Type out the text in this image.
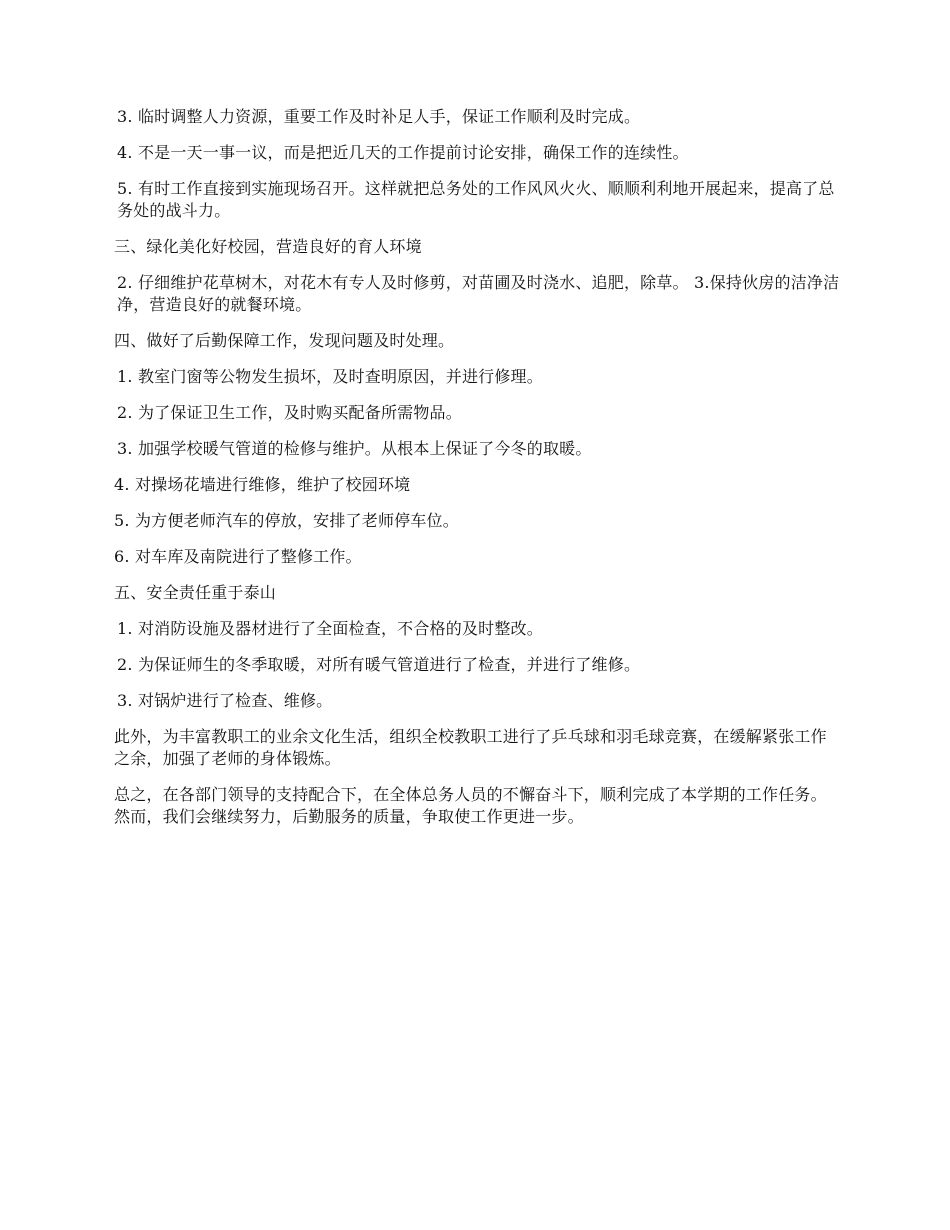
3. 临时调整人力资源，重要工作及时补足人手，保证工作顺利及时完成。

4. 不是一天一事一议，而是把近几天的工作提前讨论安排，确保工作的连续性。

5. 有时工作直接到实施现场召开。这样就把总务处的工作风风火火、顺顺利利地开展起来，提高了总务处的战斗力。

三、绿化美化好校园，营造良好的育人环境

2. 仔细维护花草树木，对花木有专人及时修剪，对苗圃及时浇水、追肥，除草。 3.保持伙房的洁净洁净，营造良好的就餐环境。

四、做好了后勤保障工作，发现问题及时处理。

1. 教室门窗等公物发生损坏，及时查明原因，并进行修理。

2. 为了保证卫生工作，及时购买配备所需物品。

3. 加强学校暖气管道的检修与维护。从根本上保证了今冬的取暖。

4. 对操场花墙进行维修，维护了校园环境

5. 为方便老师汽车的停放，安排了老师停车位。

6. 对车库及南院进行了整修工作。

五、安全责任重于泰山

1. 对消防设施及器材进行了全面检查，不合格的及时整改。

2. 为保证师生的冬季取暖，对所有暖气管道进行了检查，并进行了维修。

3. 对锅炉进行了检查、维修。

此外，为丰富教职工的业余文化生活，组织全校教职工进行了乒乓球和羽毛球竞赛，在缓解紧张工作之余，加强了老师的身体锻炼。

总之，在各部门领导的支持配合下，在全体总务人员的不懈奋斗下，顺利完成了本学期的工作任务。然而，我们会继续努力，后勤服务的质量，争取使工作更进一步。
